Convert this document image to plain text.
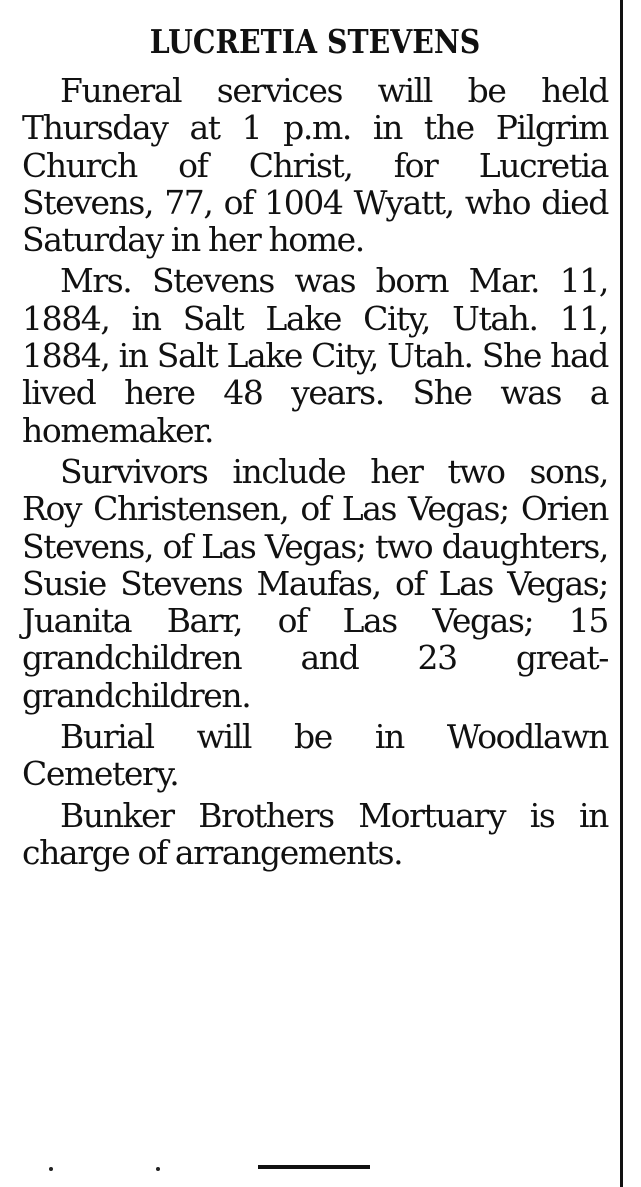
LUCRETIA STEVENS

Funeral services will be held Thursday at 1 p.m. in the Pilgrim Church of Christ, for Lucretia Stevens, 77, of 1004 Wyatt, who died Saturday in her home.

Mrs. Stevens was born Mar. 11, 1884, in Salt Lake City, Utah. 11, 1884, in Salt Lake City, Utah. She had lived here 48 years. She was a homemaker.

Survivors include her two sons, Roy Christensen, of Las Vegas; Orien Stevens, of Las Vegas; two daughters, Susie Stevens Maufas, of Las Vegas; Juanita Barr, of Las Vegas; 15 grandchildren and 23 great-grandchildren.

Burial will be in Woodlawn Cemetery.

Bunker Brothers Mortuary is in charge of arrangements.
